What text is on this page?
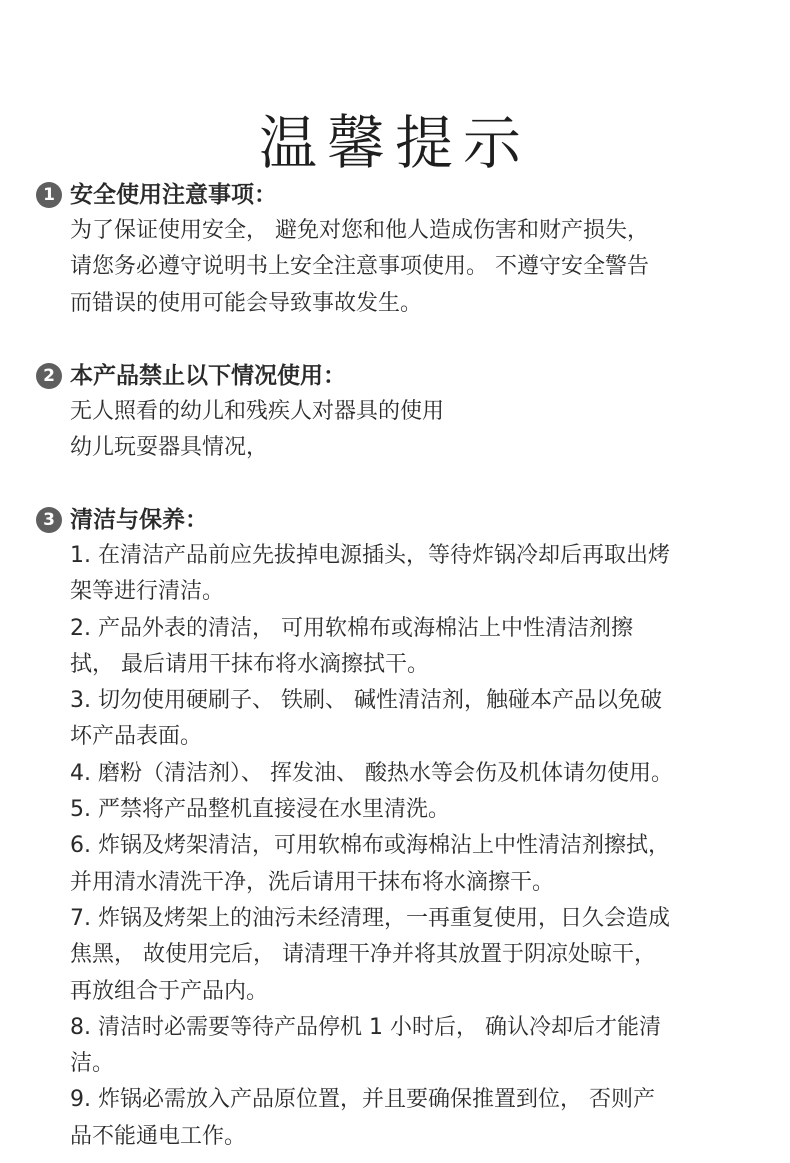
温馨提示
1 安全使用注意事项：

为了保证使用安全， 避免对您和他人造成伤害和财产损失，

请您务必遵守说明书上安全注意事项使用。 不遵守安全警告

而错误的使用可能会导致事故发生。

2 本产品禁止以下情况使用：

无人照看的幼儿和残疾人对器具的使用

幼儿玩耍器具情况，

3 清洁与保养：

1. 在清洁产品前应先拔掉电源插头，等待炸锅冷却后再取出烤

架等进行清洁。

2. 产品外表的清洁， 可用软棉布或海棉沾上中性清洁剂擦

拭， 最后请用干抹布将水滴擦拭干。

3. 切勿使用硬刷子、 铁刷、 碱性清洁剂，触碰本产品以免破

坏产品表面。

4. 磨粉（清洁剂）、 挥发油、 酸热水等会伤及机体请勿使用。

5. 严禁将产品整机直接浸在水里清洗。

6. 炸锅及烤架清洁，可用软棉布或海棉沾上中性清洁剂擦拭，

并用清水清洗干净，洗后请用干抹布将水滴擦干。

7. 炸锅及烤架上的油污未经清理，一再重复使用，日久会造成

焦黑， 故使用完后， 请清理干净并将其放置于阴凉处晾干，

再放组合于产品内。

8. 清洁时必需要等待产品停机 1 小时后， 确认冷却后才能清

洁。

9. 炸锅必需放入产品原位置，并且要确保推置到位， 否则产

品不能通电工作。
